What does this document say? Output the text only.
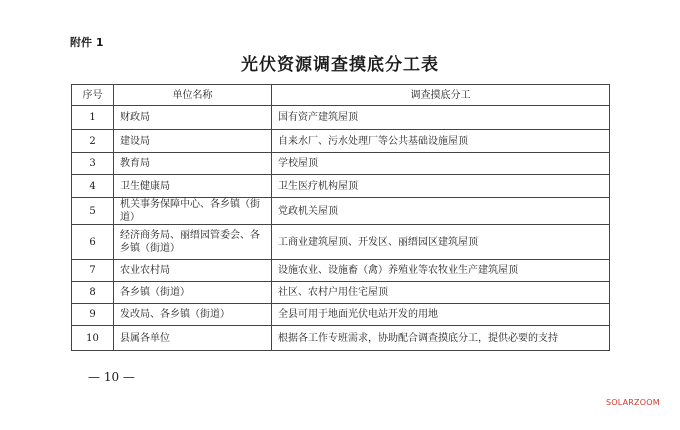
附件 1
光伏资源调查摸底分工表
序号	单位名称	调查摸底分工
1	财政局	国有资产建筑屋顶
2	建设局	自来水厂、污水处理厂等公共基础设施屋顶
3	教育局	学校屋顶
4	卫生健康局	卫生医疗机构屋顶
5	机关事务保障中心、各乡镇（街道）	党政机关屋顶
6	经济商务局、丽缙园管委会、各乡镇（街道）	工商业建筑屋顶、开发区、丽缙园区建筑屋顶
7	农业农村局	设施农业、设施畜（禽）养殖业等农牧业生产建筑屋顶
8	各乡镇（街道）	社区、农村户用住宅屋顶
9	发改局、各乡镇（街道）	全县可用于地面光伏电站开发的用地
10	县属各单位	根据各工作专班需求，协助配合调查摸底分工，提供必要的支持
— 10 —
SOLARZOOM
